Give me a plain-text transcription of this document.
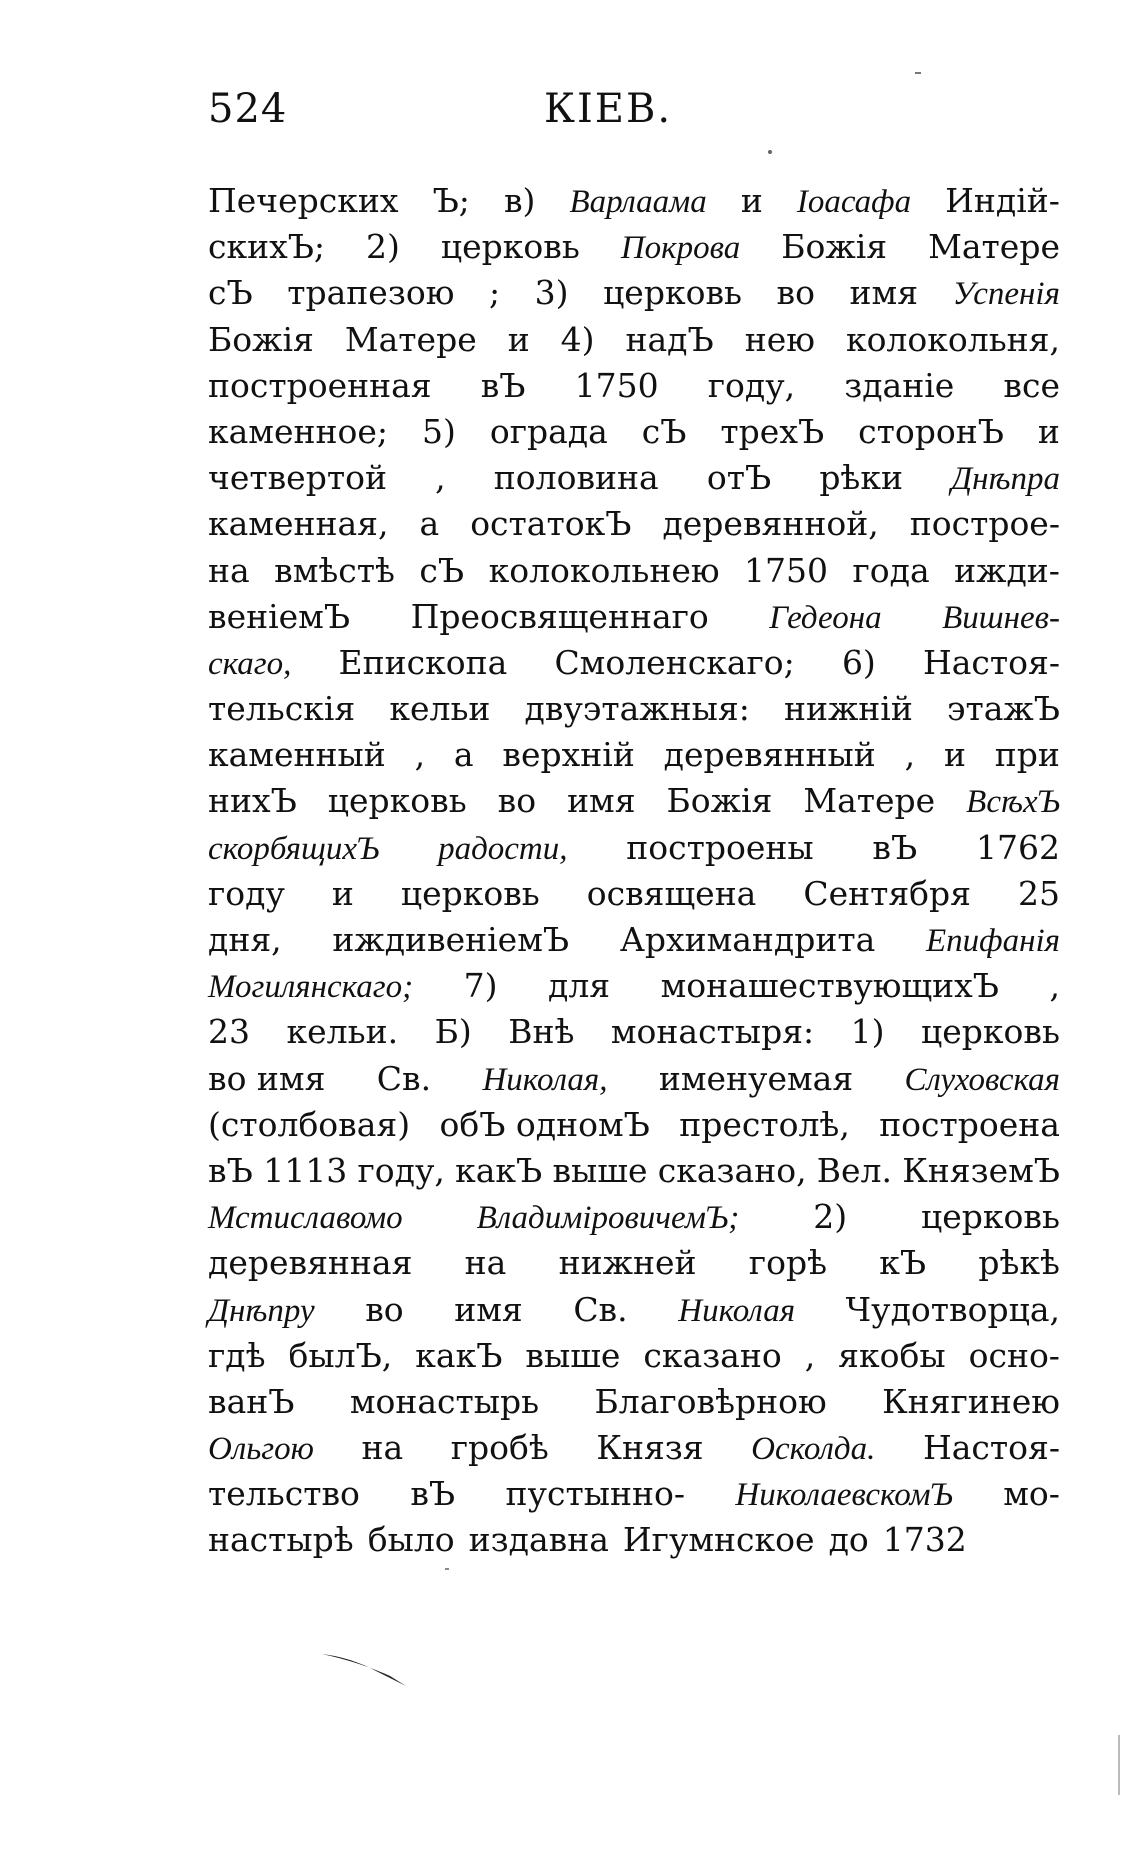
524	КІЕВ.
Печерских Ъ; в) Варлаама и Іоасафа Индій-
скихЪ; 2) церковь Покрова Божія Матере
сЪ трапезою ; 3) церковь во имя Успенія
Божія Матере и 4) надЪ нею колокольня,
построенная вЪ 1750 году, зданіе все
каменное; 5) ограда сЪ трехЪ сторонЪ и
четвертой , половина отЪ рѣки Днѣпра
каменная, а остатокЪ деревянной, построе-
на вмѣстѣ сЪ колокольнею 1750 года ижди-
веніемЪ Преосвященнаго Гедеона Вишнев-
скаго, Епископа Смоленскаго; 6) Настоя-
тельскія кельи двуэтажныя: нижній этажЪ
каменный , а верхній деревянный , и при
нихЪ церковь во имя Божія Матере ВсѣхЪ
скорбящихЪ радости, построены вЪ 1762
году и церковь освящена Сентября 25
дня, иждивеніемЪ Архимандрита Епифанія
Могилянскаго; 7) для монашествующихЪ ,
23 кельи. Б) Внѣ монастыря: 1) церковь
во имя Св. Николая, именуемая Слуховская
(столбовая) обЪ одномЪ престолѣ, построена
вЪ 1113 году, какЪ выше сказано, Вел. КняземЪ
Мстиславомо ВладиміровичемЪ; 2) церковь
деревянная на нижней горѣ кЪ рѣкѣ
Днѣпру во имя Св. Николая Чудотворца,
гдѣ былЪ, какЪ выше сказано , якобы осно-
ванЪ монастырь Благовѣрною Княгинею
Ольгою на гробѣ Князя Осколда. Настоя-
тельство вЪ пустынно- НиколаевскомЪ мо-
настырѣ было издавна Игумнское до 1732
